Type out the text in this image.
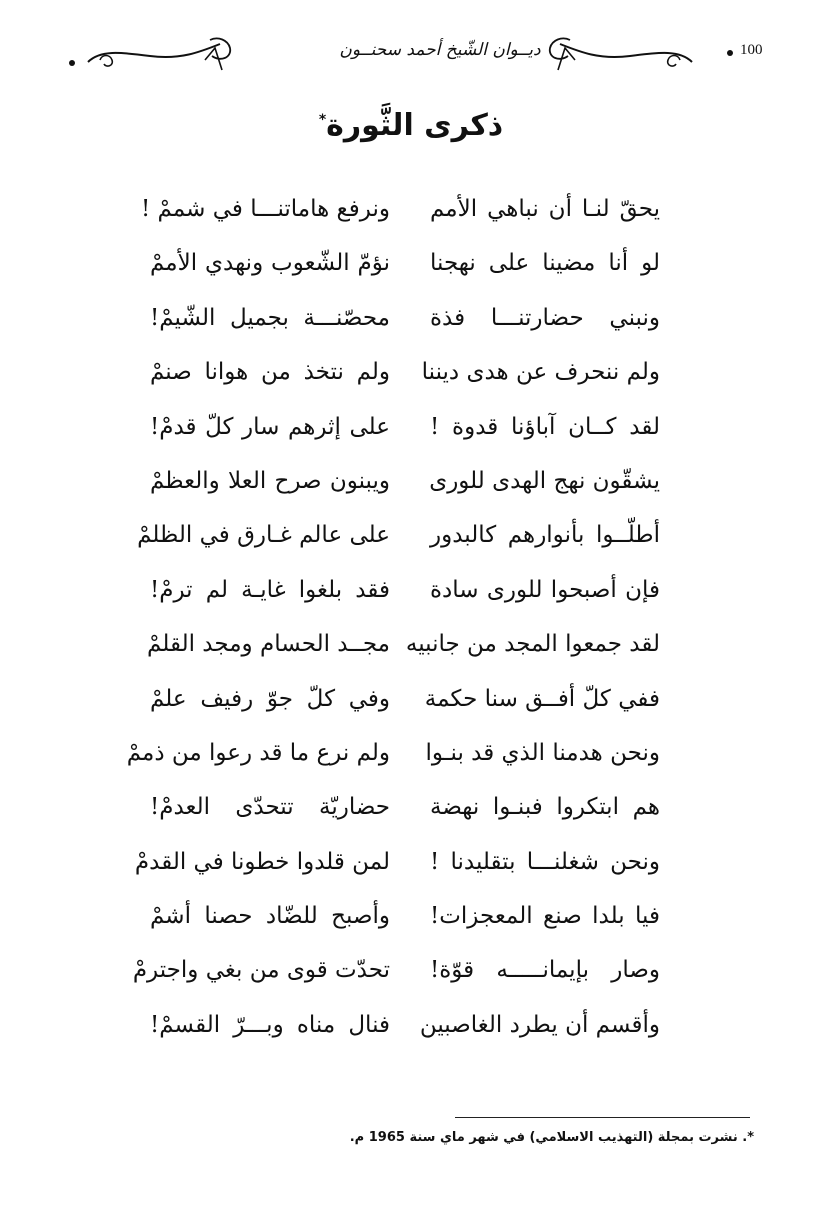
ديــوان الشّيخ أحمد سحنــون	100
ذكرى الثَّورة*
يحقّ لنـا أن نباهي الأمم
ونرفع هاماتنـــا في شممْ !
لو أنا مضينا على نهجنا
نؤمّ الشّعوب ونهدي الأممْ
ونبني حضارتنـــا فذة
محصّنـــة بجميل الشّيمْ!
ولم ننحرف عن هدى ديننا
ولم نتخذ من هوانا صنمْ
لقد كــان آباؤنا قدوة !
على إثرهم سار كلّ قدمْ!
يشقّون نهج الهدى للورى
ويبنون صرح العلا والعظمْ
أطلّــوا بأنوارهم كالبدور
على عالم غـارق في الظلمْ
فإن أصبحوا للورى سادة
فقد بلغوا غايـة لم ترمْ!
لقد جمعوا المجد من جانبيه
مجــد الحسام ومجد القلمْ
ففي كلّ أفــق سنا حكمة
وفي كلّ جوّ رفيف علمْ
ونحن هدمنا الذي قد بنـوا
ولم نرع ما قد رعوا من ذممْ
هم ابتكروا فبنـوا نهضة
حضاريّة تتحدّى العدمْ!
ونحن شغلنـــا بتقليدنا !
لمن قلدوا خطونا في القدمْ
فيا بلدا صنع المعجزات!
وأصبح للضّاد حصنا أشمْ
وصار بإيمانـــــه قوّة!
تحدّت قوى من بغي واجترمْ
وأقسم أن يطرد الغاصبين
فنال مناه وبـــرّ القسمْ!
*. نشرت بمجلة (التهذيب الاسلامي) في شهر ماي سنة 1965 م.
